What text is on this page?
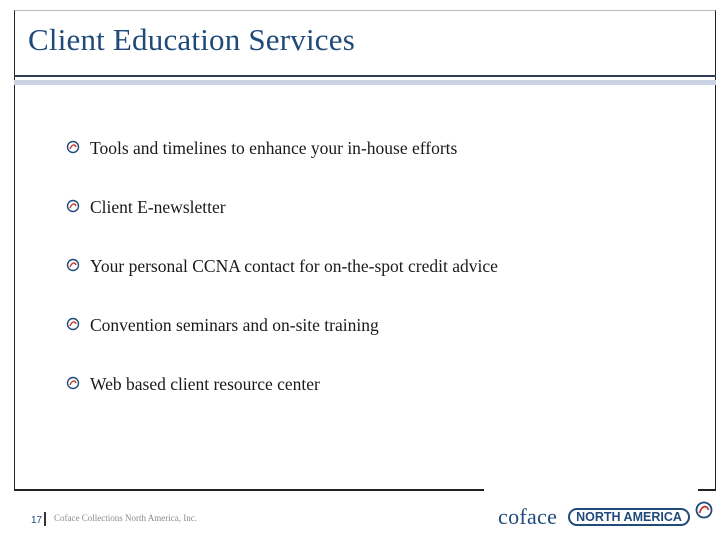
Client Education Services
Tools and timelines to enhance your in-house efforts
Client E-newsletter
Your personal CCNA contact for on-the-spot credit advice
Convention seminars and on-site training
Web based client resource center
17 Coface Collections North America, Inc.	coface	NORTH AMERICA
